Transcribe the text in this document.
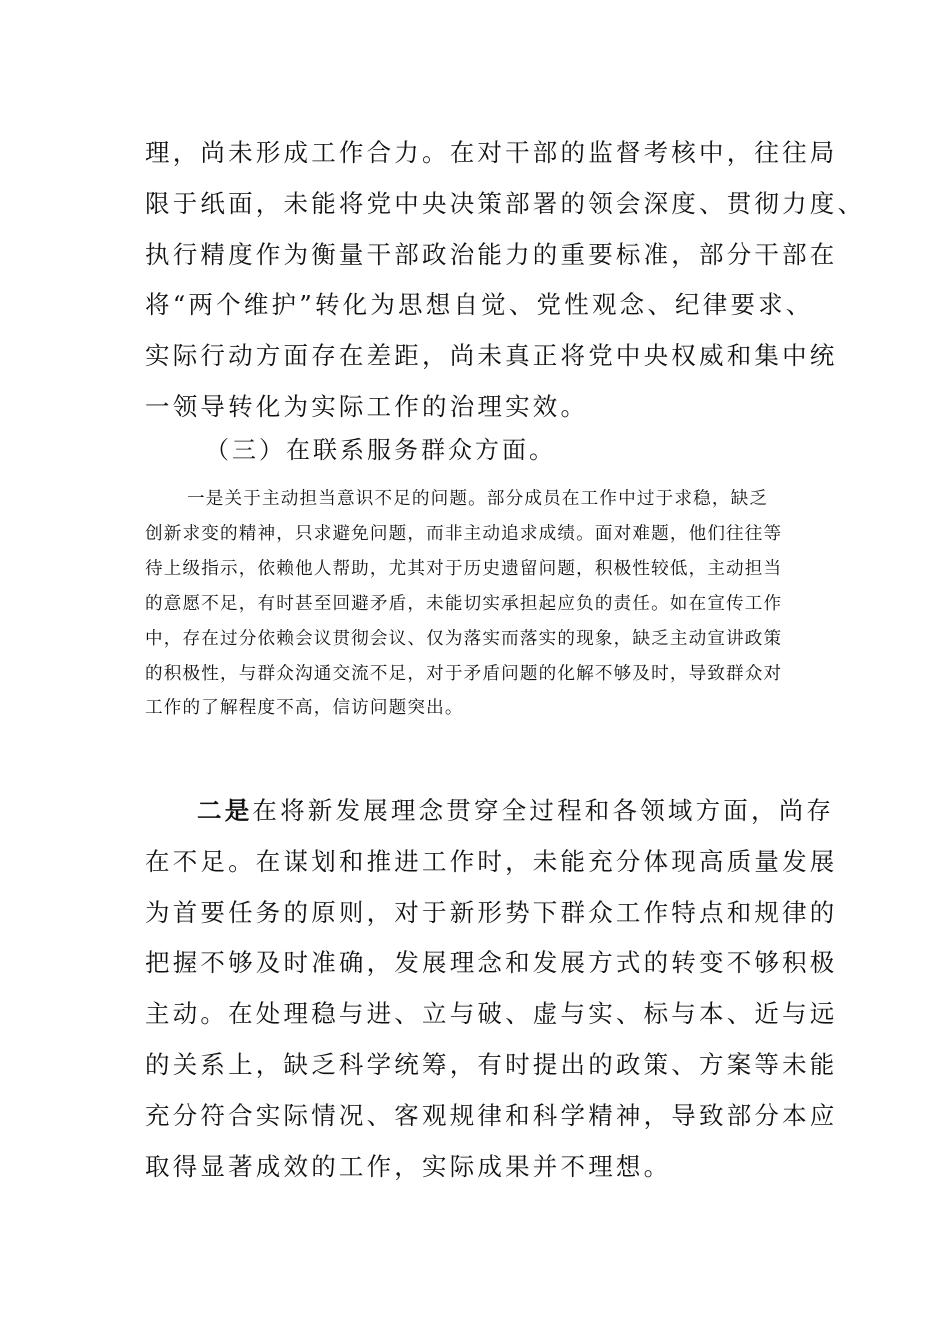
理，尚未形成工作合力。在对干部的监督考核中，往往局
限于纸面，未能将党中央决策部署的领会深度、贯彻力度、
执行精度作为衡量干部政治能力的重要标准，部分干部在
将“两个维护”转化为思想自觉、党性观念、纪律要求、
实际行动方面存在差距，尚未真正将党中央权威和集中统
一领导转化为实际工作的治理实效。
（三）在联系服务群众方面。
一是关于主动担当意识不足的问题。部分成员在工作中过于求稳，缺乏
创新求变的精神，只求避免问题，而非主动追求成绩。面对难题，他们往往等
待上级指示，依赖他人帮助，尤其对于历史遗留问题，积极性较低，主动担当
的意愿不足，有时甚至回避矛盾，未能切实承担起应负的责任。如在宣传工作
中，存在过分依赖会议贯彻会议、仅为落实而落实的现象，缺乏主动宣讲政策
的积极性，与群众沟通交流不足，对于矛盾问题的化解不够及时，导致群众对
工作的了解程度不高，信访问题突出。
二是在将新发展理念贯穿全过程和各领域方面，尚存
在不足。在谋划和推进工作时，未能充分体现高质量发展
为首要任务的原则，对于新形势下群众工作特点和规律的
把握不够及时准确，发展理念和发展方式的转变不够积极
主动。在处理稳与进、立与破、虚与实、标与本、近与远
的关系上，缺乏科学统筹，有时提出的政策、方案等未能
充分符合实际情况、客观规律和科学精神，导致部分本应
取得显著成效的工作，实际成果并不理想。
